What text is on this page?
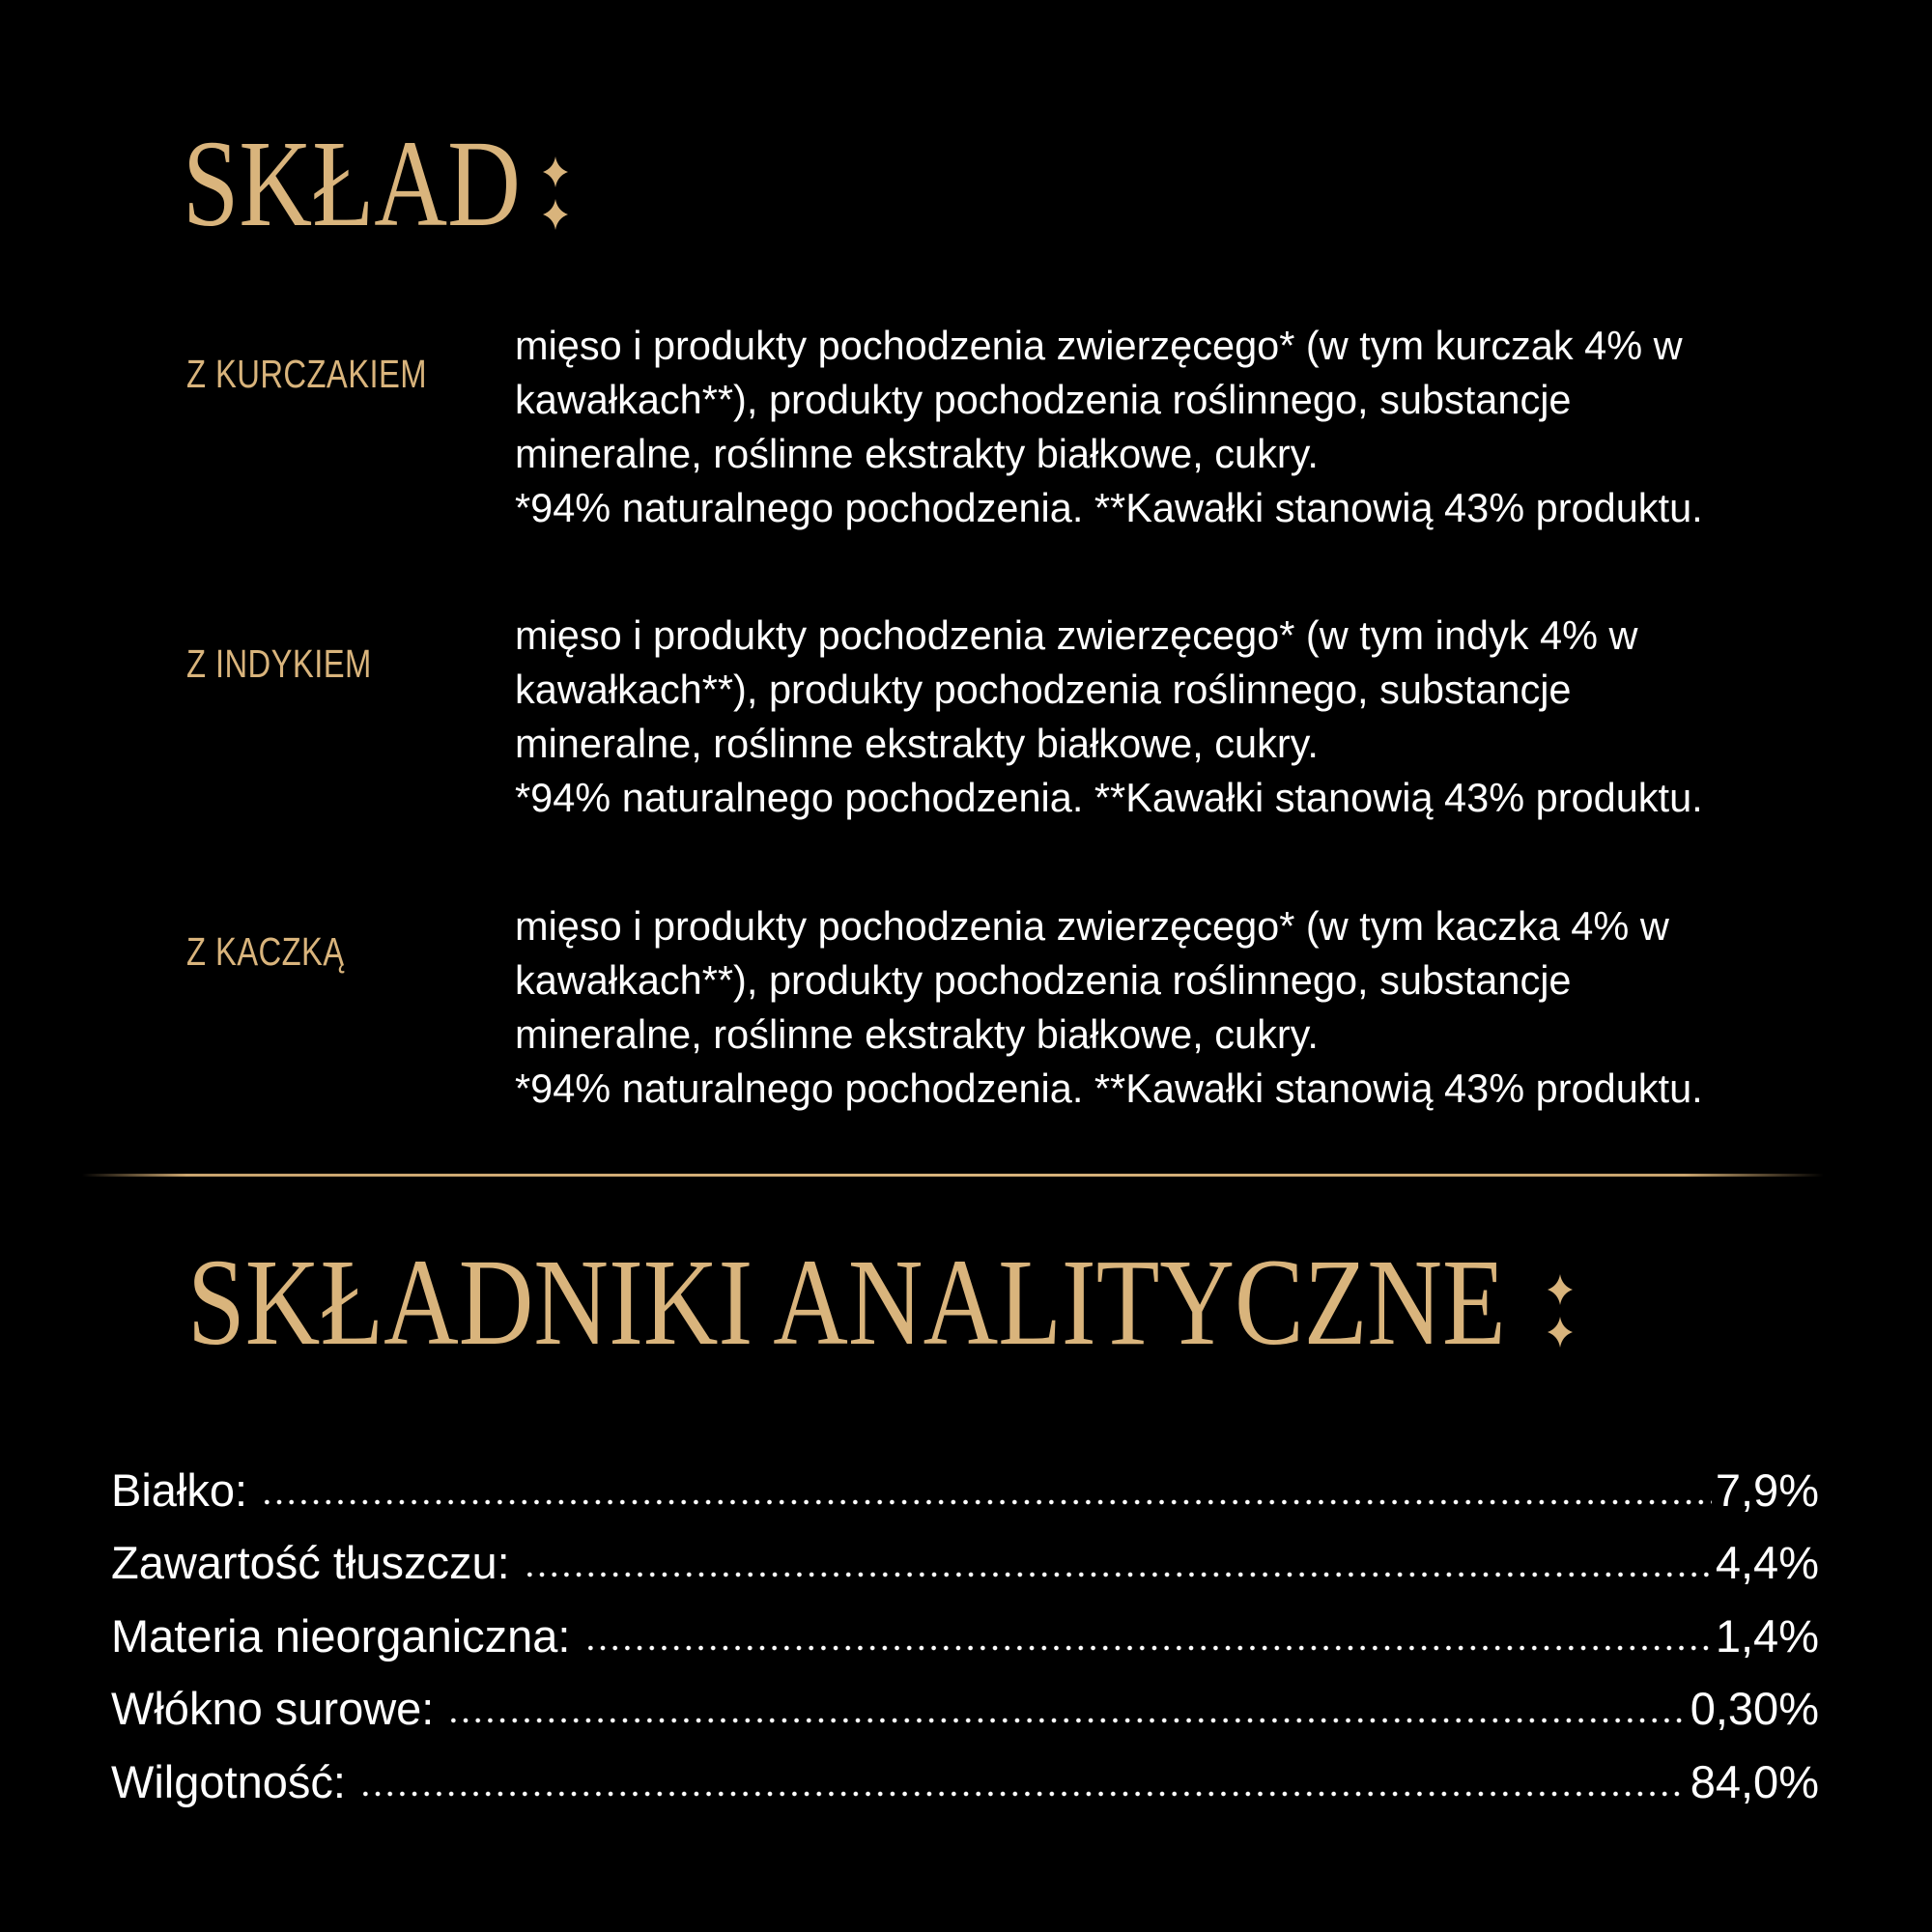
SKŁAD
Z KURCZAKIEM
mięso i produkty pochodzenia zwierzęcego* (w tym kurczak 4% w
kawałkach**), produkty pochodzenia roślinnego, substancje
mineralne, roślinne ekstrakty białkowe, cukry.
*94% naturalnego pochodzenia. **Kawałki stanowią 43% produktu.
Z INDYKIEM
mięso i produkty pochodzenia zwierzęcego* (w tym indyk 4% w
kawałkach**), produkty pochodzenia roślinnego, substancje
mineralne, roślinne ekstrakty białkowe, cukry.
*94% naturalnego pochodzenia. **Kawałki stanowią 43% produktu.
Z KACZKĄ
mięso i produkty pochodzenia zwierzęcego* (w tym kaczka 4% w
kawałkach**), produkty pochodzenia roślinnego, substancje
mineralne, roślinne ekstrakty białkowe, cukry.
*94% naturalnego pochodzenia. **Kawałki stanowią 43% produktu.
SKŁADNIKI ANALITYCZNE
Białko:	7,9%
Zawartość tłuszczu:	4,4%
Materia nieorganiczna:	1,4%
Włókno surowe:	0,30%
Wilgotność:	84,0%
